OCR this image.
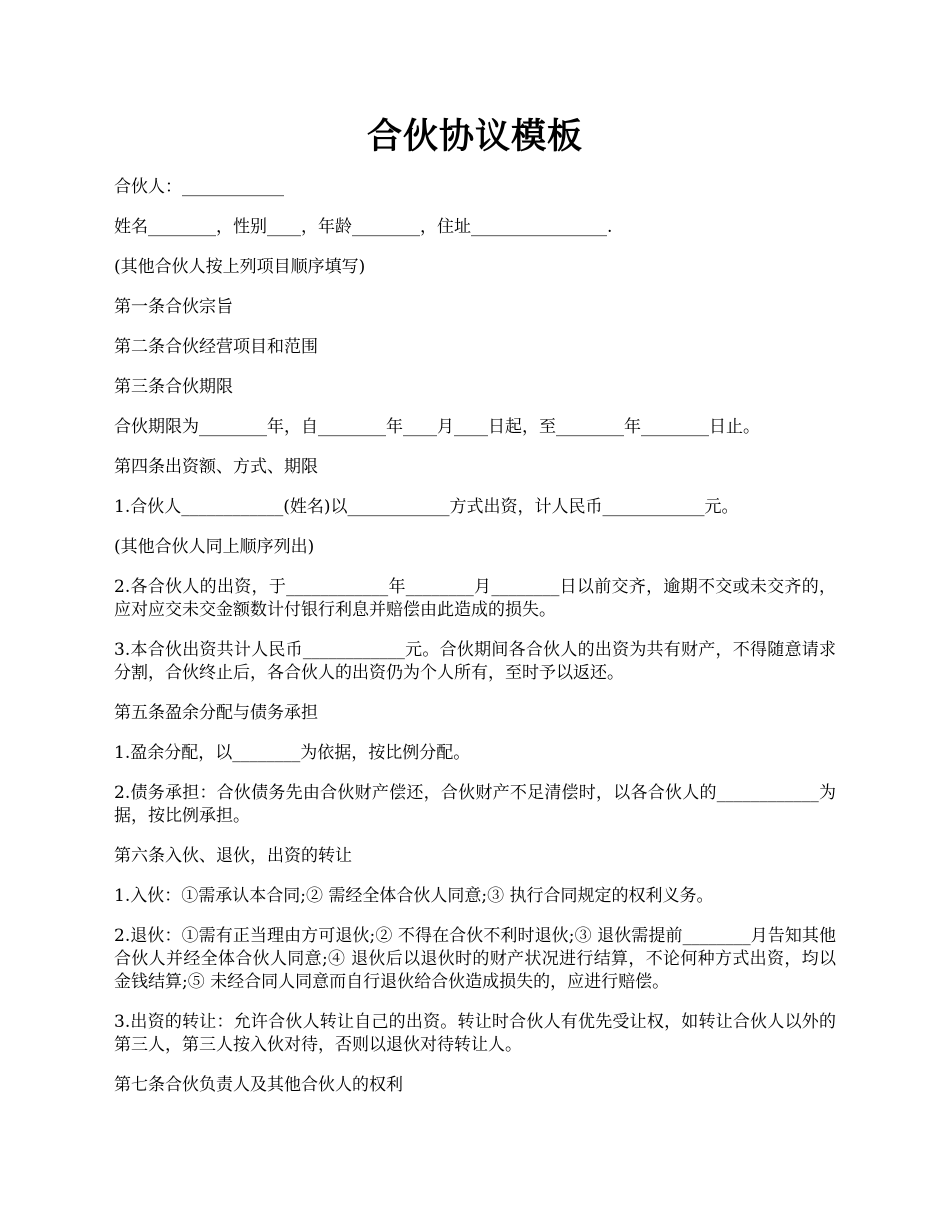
合伙协议模板

合伙人：____________

姓名________，性别____，年龄________，住址________________.

(其他合伙人按上列项目顺序填写)

第一条合伙宗旨

第二条合伙经营项目和范围

第三条合伙期限

合伙期限为________年，自________年____月____日起，至________年________日止。

第四条出资额、方式、期限

1.合伙人____________(姓名)以____________方式出资，计人民币____________元。

(其他合伙人同上顺序列出)

2.各合伙人的出资，于____________年________月________日以前交齐，逾期不交或未交齐的，应对应交未交金额数计付银行利息并赔偿由此造成的损失。

3.本合伙出资共计人民币____________元。合伙期间各合伙人的出资为共有财产，不得随意请求分割，合伙终止后，各合伙人的出资仍为个人所有，至时予以返还。

第五条盈余分配与债务承担

1.盈余分配，以________为依据，按比例分配。

2.债务承担：合伙债务先由合伙财产偿还，合伙财产不足清偿时，以各合伙人的____________为据，按比例承担。

第六条入伙、退伙，出资的转让

1.入伙：①需承认本合同;② 需经全体合伙人同意;③ 执行合同规定的权利义务。

2.退伙：①需有正当理由方可退伙;② 不得在合伙不利时退伙;③ 退伙需提前________月告知其他合伙人并经全体合伙人同意;④ 退伙后以退伙时的财产状况进行结算，不论何种方式出资，均以金钱结算;⑤ 未经合同人同意而自行退伙给合伙造成损失的，应进行赔偿。

3.出资的转让：允许合伙人转让自己的出资。转让时合伙人有优先受让权，如转让合伙人以外的第三人，第三人按入伙对待，否则以退伙对待转让人。

第七条合伙负责人及其他合伙人的权利
